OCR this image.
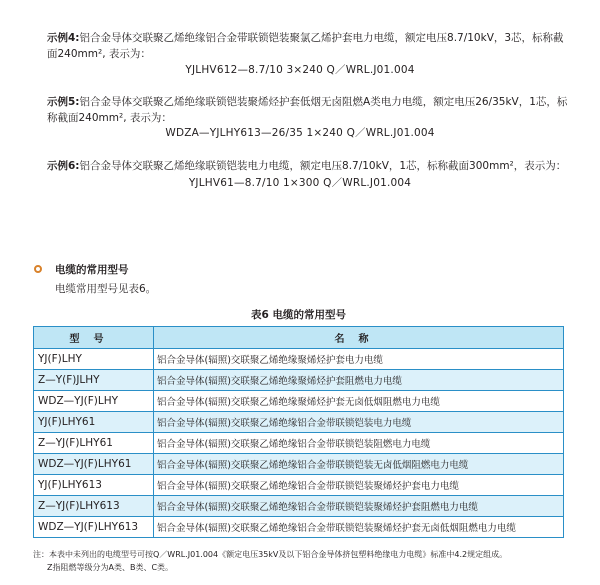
示例4:铝合金导体交联聚乙烯绝缘铝合金带联锁铠装聚氯乙烯护套电力电缆，额定电压8.7/10kV，3芯，标称截
面240mm², 表示为：
YJLHV612—8.7/10 3×240 Q／WRL.J01.004
示例5:铝合金导体交联聚乙烯绝缘联锁铠装聚烯烃护套低烟无卤阻燃A类电力电缆，额定电压26/35kV，1芯，标
称截面240mm², 表示为：
WDZA—YJLHY613—26/35 1×240 Q／WRL.J01.004
示例6:铝合金导体交联聚乙烯绝缘联锁铠装电力电缆，额定电压8.7/10kV，1芯，标称截面300mm²，表示为：
YJLHV61—8.7/10 1×300 Q／WRL.J01.004
电缆的常用型号
电缆常用型号见表6。
表6 电缆的常用型号
型号	名称
YJ(F)LHY	铝合金导体(辐照)交联聚乙烯绝缘聚烯烃护套电力电缆
Z—Y(F)JLHY	铝合金导体(辐照)交联聚乙烯绝缘聚烯烃护套阻燃电力电缆
WDZ—YJ(F)LHY	铝合金导体(辐照)交联聚乙烯绝缘聚烯烃护套无卤低烟阻燃电力电缆
YJ(F)LHY61	铝合金导体(辐照)交联聚乙烯绝缘铝合金带联锁铠装电力电缆
Z—YJ(F)LHY61	铝合金导体(辐照)交联聚乙烯绝缘铝合金带联锁铠装阻燃电力电缆
WDZ—YJ(F)LHY61	铝合金导体(辐照)交联聚乙烯绝缘铝合金带联锁铠装无卤低烟阻燃电力电缆
YJ(F)LHY613	铝合金导体(辐照)交联聚乙烯绝缘铝合金带联锁铠装聚烯烃护套电力电缆
Z—YJ(F)LHY613	铝合金导体(辐照)交联聚乙烯绝缘铝合金带联锁铠装聚烯烃护套阻燃电力电缆
WDZ—YJ(F)LHY613	铝合金导体(辐照)交联聚乙烯绝缘铝合金带联锁铠装聚烯烃护套无卤低烟阻燃电力电缆
注：本表中未列出的电缆型号可按Q／WRL.J01.004《额定电压35kV及以下铝合金导体挤包塑料绝缘电力电缆》标准中4.2规定组成。
Z指阻燃等级分为A类、B类、C类。
